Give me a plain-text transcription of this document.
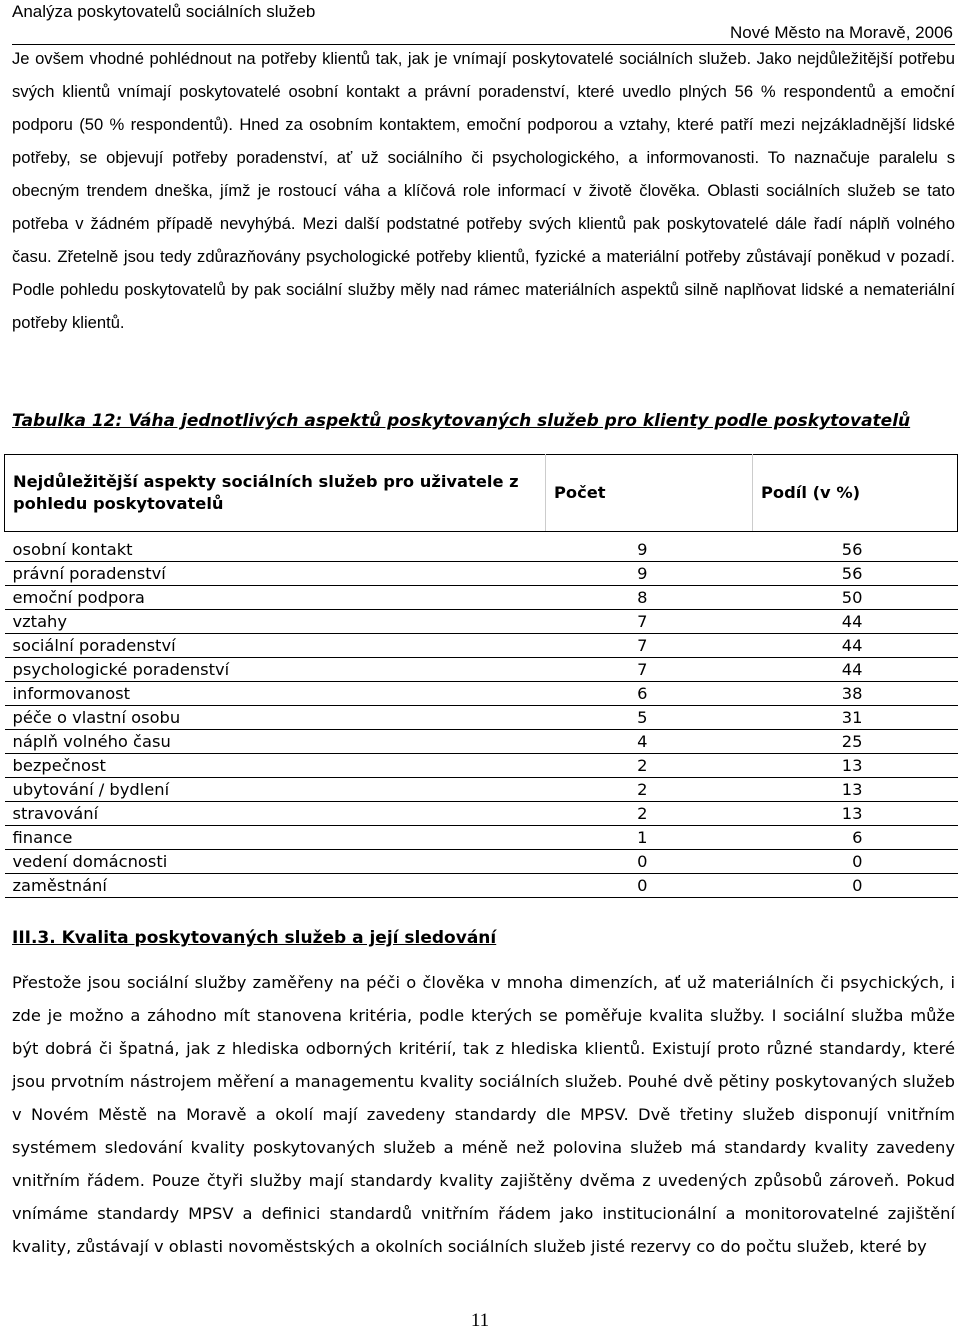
Analýza poskytovatelů sociálních služeb
Nové Město na Moravě, 2006

Je ovšem vhodné pohlédnout na potřeby klientů tak, jak je vnímají poskytovatelé sociálních služeb. Jako nejdůležitější potřebu svých klientů vnímají poskytovatelé osobní kontakt a právní poradenství, které uvedlo plných 56 % respondentů a emoční podporu (50 % respondentů). Hned za osobním kontaktem, emoční podporou a vztahy, které patří mezi nejzákladnější lidské potřeby, se objevují potřeby poradenství, ať už sociálního či psychologického, a informovanosti. To naznačuje paralelu s obecným trendem dneška, jímž je rostoucí váha a klíčová role informací v životě člověka. Oblasti sociálních služeb se tato potřeba v žádném případě nevyhýbá. Mezi další podstatné potřeby svých klientů pak poskytovatelé dále řadí náplň volného času. Zřetelně jsou tedy zdůrazňovány psychologické potřeby klientů, fyzické a materiální potřeby zůstávají poněkud v pozadí. Podle pohledu poskytovatelů by pak sociální služby měly nad rámec materiálních aspektů silně naplňovat lidské a nemateriální potřeby klientů.

Tabulka 12: Váha jednotlivých aspektů poskytovaných služeb pro klienty podle poskytovatelů
Nejdůležitější aspekty sociálních služeb pro uživatele z pohledu poskytovatelů	Počet	Podíl (v %)

osobní kontakt	9	56
právní poradenství	9	56
emoční podpora	8	50
vztahy	7	44
sociální poradenství	7	44
psychologické poradenství	7	44
informovanost	6	38
péče o vlastní osobu	5	31
náplň volného času	4	25
bezpečnost	2	13
ubytování / bydlení	2	13
stravování	2	13
finance	1	6
vedení domácnosti	0	0
zaměstnání	0	0
III.3. Kvalita poskytovaných služeb a její sledování

Přestože jsou sociální služby zaměřeny na péči o člověka v mnoha dimenzích, ať už materiálních či psychických, i zde je možno a záhodno mít stanovena kritéria, podle kterých se poměřuje kvalita služby. I sociální služba může být dobrá či špatná, jak z hlediska odborných kritérií, tak z hlediska klientů. Existují proto různé standardy, které jsou prvotním nástrojem měření a managementu kvality sociálních služeb. Pouhé dvě pětiny poskytovaných služeb v Novém Městě na Moravě a okolí mají zavedeny standardy dle MPSV. Dvě třetiny služeb disponují vnitřním systémem sledování kvality poskytovaných služeb a méně než polovina služeb má standardy kvality zavedeny vnitřním řádem. Pouze čtyři služby mají standardy kvality zajištěny dvěma z uvedených způsobů zároveň. Pokud vnímáme standardy MPSV a definici standardů vnitřním řádem jako institucionální a monitorovatelné zajištění kvality, zůstávají v oblasti novoměstských a okolních sociálních služeb jisté rezervy co do počtu služeb, které by

11
